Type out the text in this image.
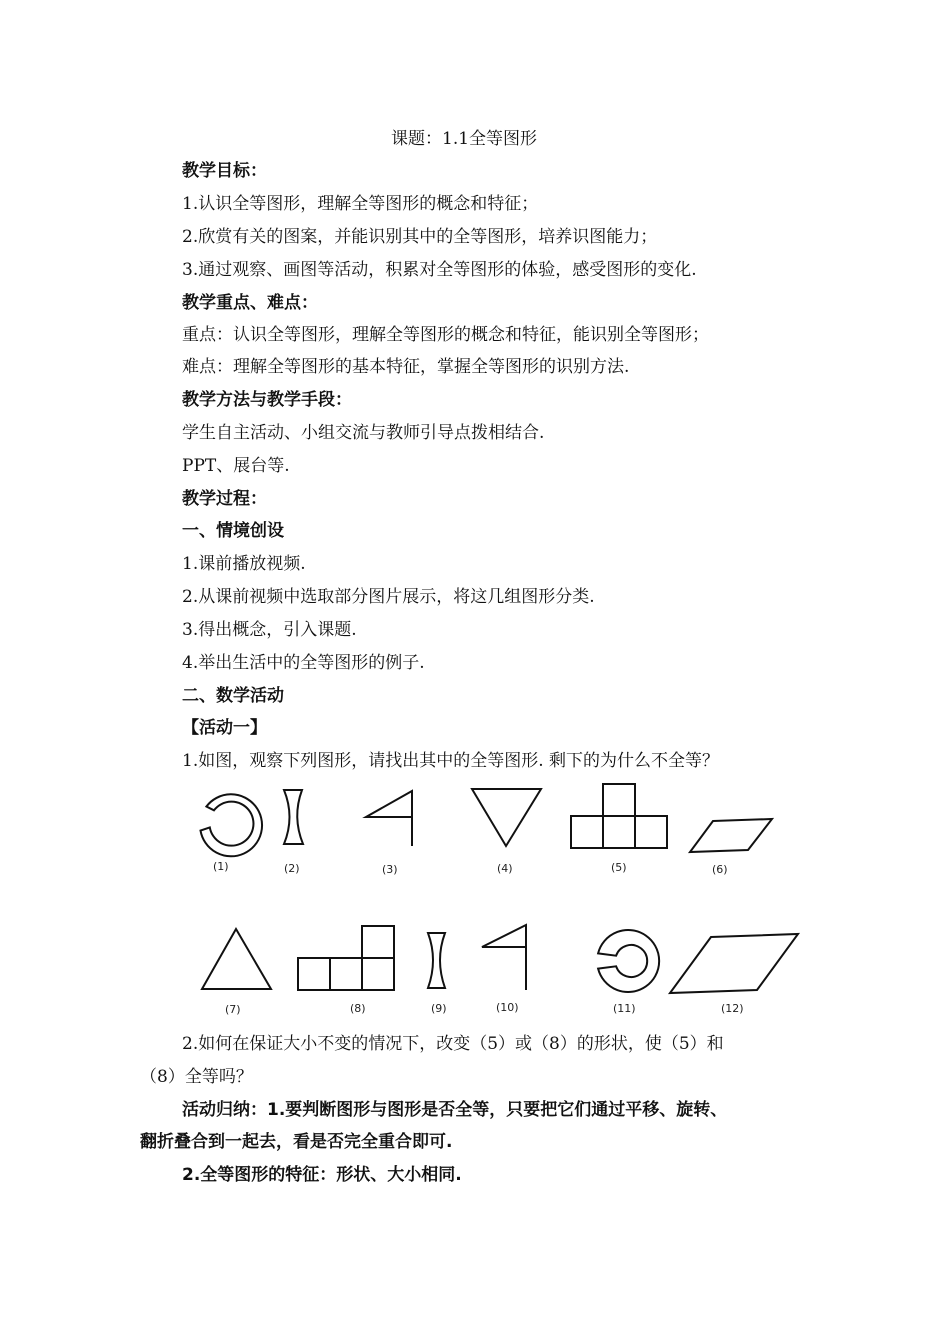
课题：1.1全等图形
教学目标：
1.认识全等图形，理解全等图形的概念和特征；
2.欣赏有关的图案，并能识别其中的全等图形，培养识图能力；
3.通过观察、画图等活动，积累对全等图形的体验，感受图形的变化.
教学重点、难点：
重点：认识全等图形，理解全等图形的概念和特征，能识别全等图形；
难点：理解全等图形的基本特征，掌握全等图形的识别方法.
教学方法与教学手段：
学生自主活动、小组交流与教师引导点拨相结合.
PPT、展台等.
教学过程：
一、情境创设
1.课前播放视频.
2.从课前视频中选取部分图片展示，将这几组图形分类.
3.得出概念，引入课题.
4.举出生活中的全等图形的例子.
二、数学活动
【活动一】
1.如图，观察下列图形，请找出其中的全等图形. 剩下的为什么不全等？
(1)	(2)	(3)	(4)	(5)	(6)
(7)	(8)	(9)	(10)	(11)	(12)
2.如何在保证大小不变的情况下，改变（5）或（8）的形状，使（5）和
（8）全等吗？
活动归纳：1.要判断图形与图形是否全等，只要把它们通过平移、旋转、
翻折叠合到一起去，看是否完全重合即可.
2.全等图形的特征：形状、大小相同.
